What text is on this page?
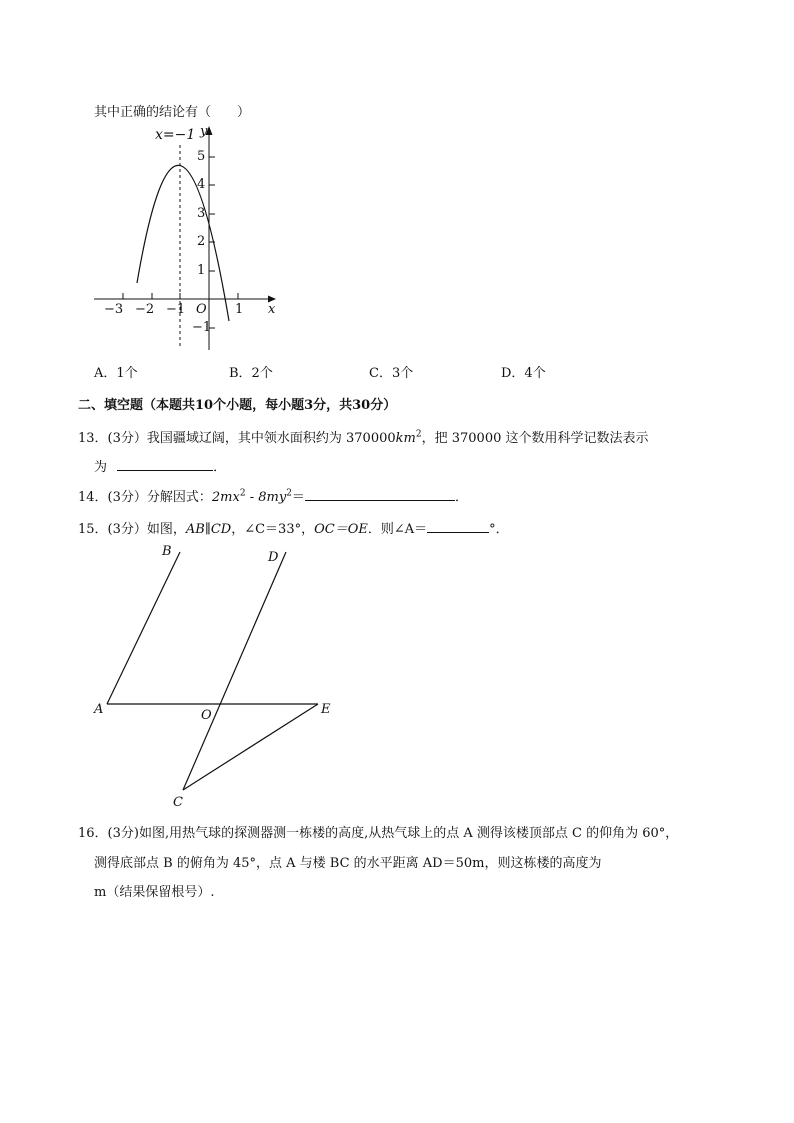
其中正确的结论有（　　）
x=−1 y
x
O
−3 −2 −1	1
5
4
3
2
1
−1
A．1个	B．2个	C．3个	D．4个
二、填空题（本题共10个小题，每小题3分，共30分）
13．(3分）我国疆域辽阔，其中领水面积约为 $370000km^2$，把 370000 这个数用科学记数法表示
为	．
14．(3分）分解因式：$2mx^2 - 8my^2=$	．
15．(3分）如图，AB∥CD，∠C＝33°，OC＝OE．则∠A＝	°．
B	D
A	O	E
C
16．(3分)如图,用热气球的探测器测一栋楼的高度,从热气球上的点 A 测得该楼顶部点 C 的仰角为 60°，
测得底部点 B 的俯角为 45°，点 A 与楼 BC 的水平距离 AD＝50m，则这栋楼的高度为
m（结果保留根号）.
